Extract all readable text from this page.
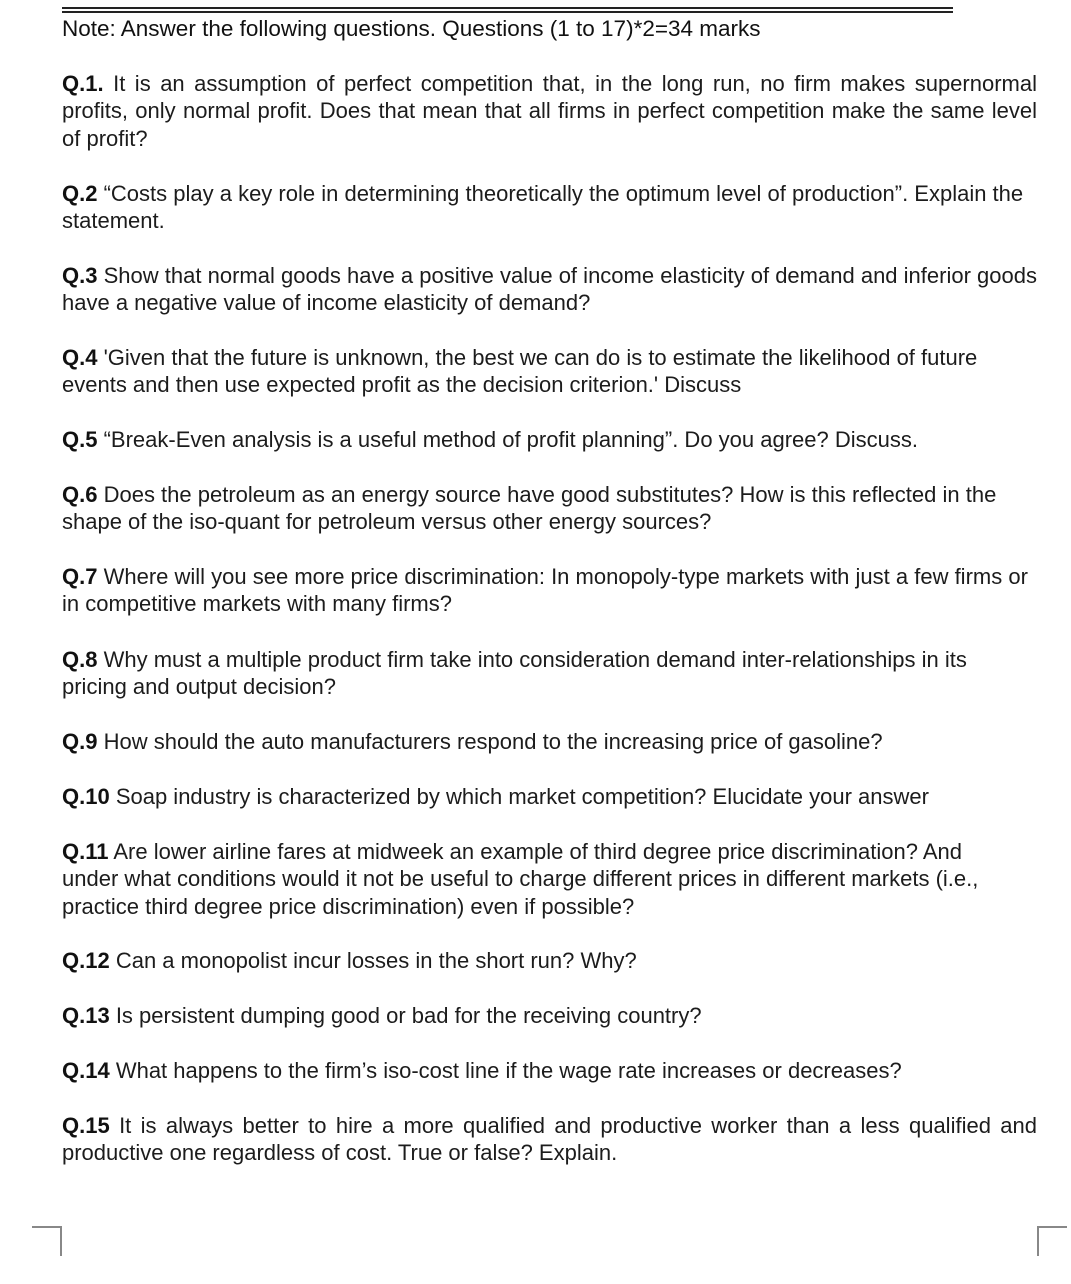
Note: Answer the following questions. Questions (1 to 17)*2=34 marks
Q.1. It is an assumption of perfect competition that, in the long run, no firm makes supernormal profits, only normal profit. Does that mean that all firms in perfect competition make the same level of profit?
Q.2 “Costs play a key role in determining theoretically the optimum level of production”. Explain the statement.
Q.3 Show that normal goods have a positive value of income elasticity of demand and inferior goods have a negative value of income elasticity of demand?
Q.4 'Given that the future is unknown, the best we can do is to estimate the likelihood of future events and then use expected profit as the decision criterion.' Discuss
Q.5 “Break-Even analysis is a useful method of profit planning”. Do you agree? Discuss.
Q.6 Does the petroleum as an energy source have good substitutes? How is this reflected in the shape of the iso-quant for petroleum versus other energy sources?
Q.7 Where will you see more price discrimination: In monopoly-type markets with just a few firms or in competitive markets with many firms?
Q.8 Why must a multiple product firm take into consideration demand inter-relationships in its pricing and output decision?
Q.9 How should the auto manufacturers respond to the increasing price of gasoline?
Q.10 Soap industry is characterized by which market competition? Elucidate your answer
Q.11 Are lower airline fares at midweek an example of third degree price discrimination? And under what conditions would it not be useful to charge different prices in different markets (i.e., practice third degree price discrimination) even if possible?
Q.12 Can a monopolist incur losses in the short run? Why?
Q.13 Is persistent dumping good or bad for the receiving country?
Q.14 What happens to the firm’s iso-cost line if the wage rate increases or decreases?
Q.15 It is always better to hire a more qualified and productive worker than a less qualified and productive one regardless of cost. True or false? Explain.
